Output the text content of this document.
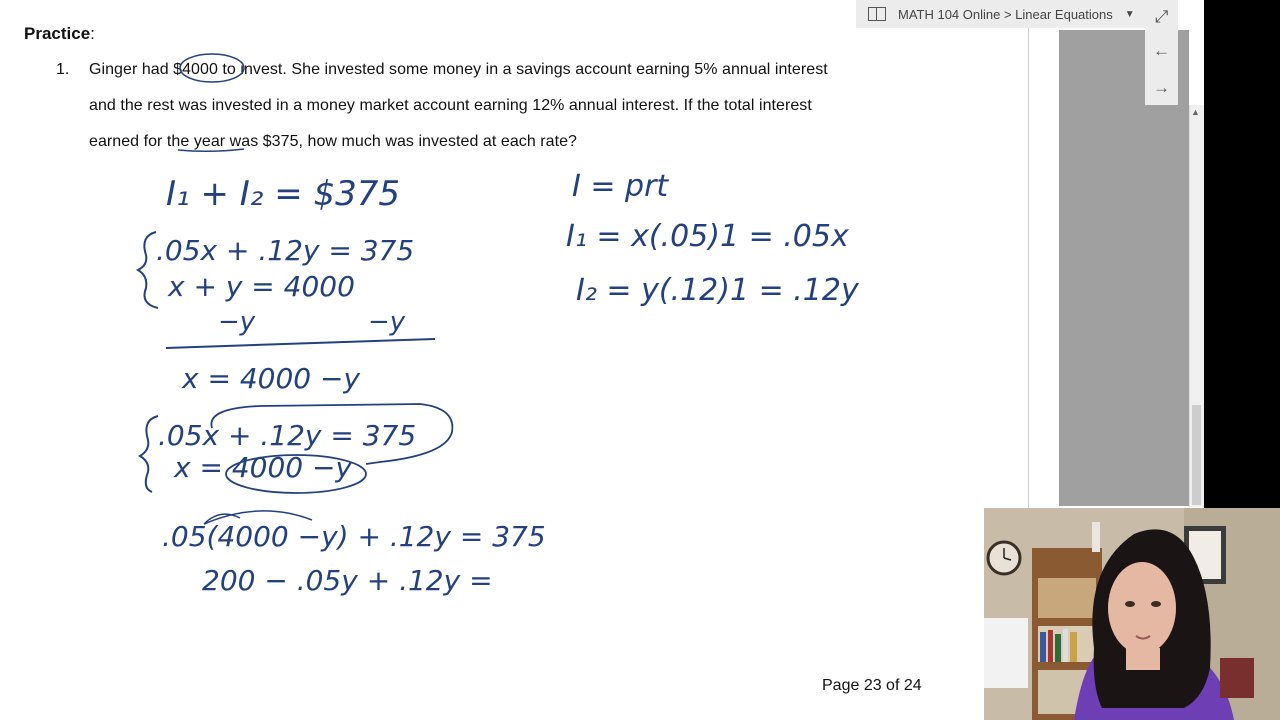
Practice:
1. Ginger had $4000 to invest. She invested some money in a savings account earning 5% annual interest
and the rest was invested in a money market account earning 12% annual interest. If the total interest
earned for the year was $375, how much was invested at each rate?
I₁ + I₂ = $375
.05x + .12y = 375
x + y = 4000
−y	−y
x = 4000 −y
.05x + .12y = 375
x = 4000 −y
.05(4000 −y) + .12y = 375
200 − .05y + .12y =
I = prt
I₁ = x(.05)1 = .05x
I₂ = y(.12)1 = .12y
Page 23 of 24
MATH 104 Online > Linear Equations ▼	⤢
←
→
▲
